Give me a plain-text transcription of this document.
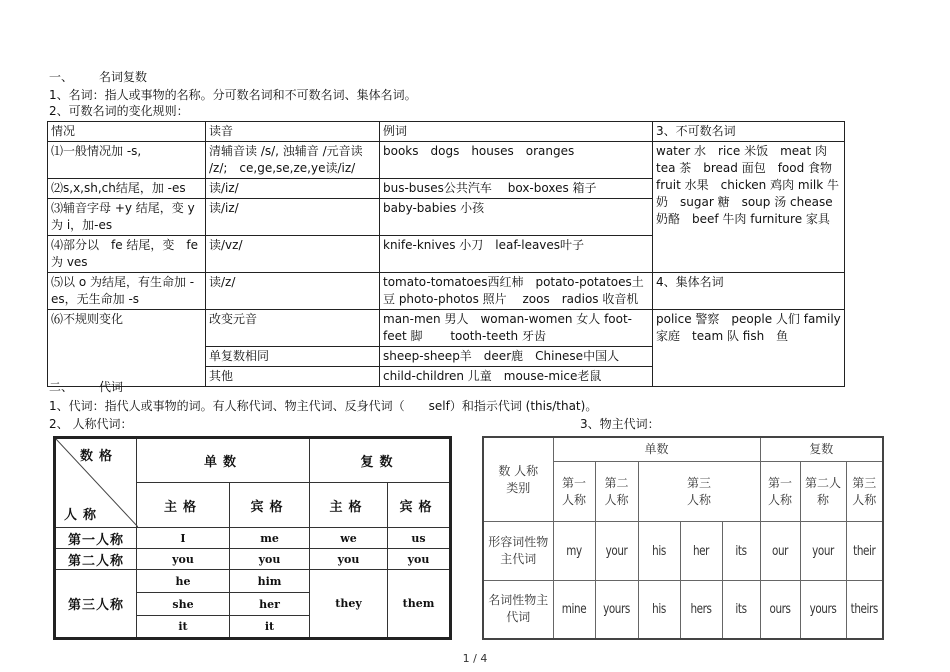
一、 名词复数
1、名词：指人或事物的名称。分可数名词和不可数名词、集体名词。
2、可数名词的变化规则：
情况	读音	例词	3、不可数名词
⑴一般情况加 -s,	清辅音读 /s/, 浊辅音 /元音读 /z/;　ce,ge,se,ze,ye读/iz/	books　dogs　houses　oranges	water 水　rice 米饭　meat 肉 tea 茶　bread 面包　food 食物 fruit 水果　chicken 鸡肉 milk 牛奶　sugar 糖　soup 汤 chease 奶酪　beef 牛肉 furniture 家具
⑵s,x,sh,ch结尾，加 -es	读/iz/	bus-buses公共汽车　 box-boxes 箱子	
⑶辅音字母 +y 结尾，变 y 为 i，加-es	读/iz/	baby-babies 小孩	
⑷部分以　fe 结尾，变　fe 为 ves	读/vz/	knife-knives 小刀　leaf-leaves叶子	
⑸以 o 为结尾，有生命加 -es，无生命加 -s	读/z/	tomato-tomatoes西红柿　potato-potatoes土豆 photo-photos 照片　 zoos　radios 收音机	4、集体名词
⑹不规则变化	改变元音	man-men 男人　woman-women 女人 foot-feet 脚　　 tooth-teeth 牙齿	police 警察　people 人们 family　家庭　team 队 fish　鱼
	单复数相同	sheep-sheep羊　deer鹿　Chinese中国人	
	其他	child-children 儿童　mouse-mice老鼠	
二、 代词
1、代词：指代人或事物的词。有人称代词、物主代词、反身代词（　　self）和指示代词 (this/that)。
2、 人称代词：	3、物主代词：
数格
人称	单数		复数	
	主格	宾格	主格	宾格
第一人称	I	me	we	us
第二人称	you	you	you	you
第三人称	he	him	they	them
	she	her		
	it	it		
数 人称 类别	单数					复数		
	第一人称	第二人称	第三人称			第一人称	第二人称	第三人称
形容词性物主代词	my	your	his	her	its	our	your	their
名词性物主代词	mine	yours	his	hers	its	ours	yours	theirs
1 / 4
